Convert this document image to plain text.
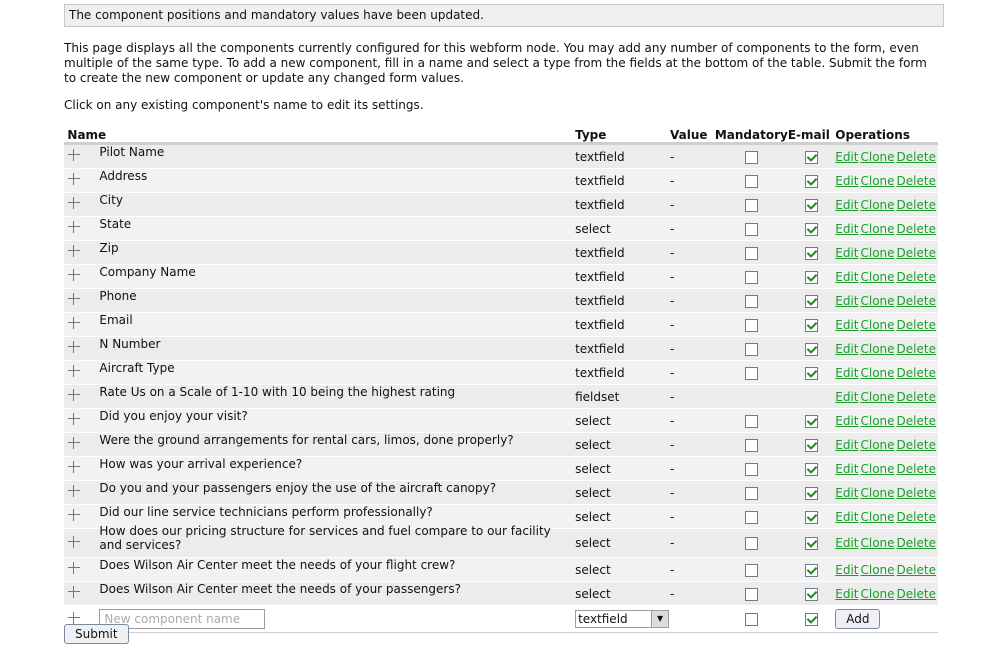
The component positions and mandatory values have been updated.
This page displays all the components currently configured for this webform node. You may add any number of components to the form, even multiple of the same type. To add a new component, fill in a name and select a type from the fields at the bottom of the table. Submit the form to create the new component or update any changed form values.
Click on any existing component's name to edit its settings.
	Name	Type	Value	Mandatory	E-mail	Operations
	Pilot Name	textfield	-			Edit Clone Delete
	Address	textfield	-			Edit Clone Delete
	City	textfield	-			Edit Clone Delete
	State	select	-			Edit Clone Delete
	Zip	textfield	-			Edit Clone Delete
	Company Name	textfield	-			Edit Clone Delete
	Phone	textfield	-			Edit Clone Delete
	Email	textfield	-			Edit Clone Delete
	N Number	textfield	-			Edit Clone Delete
	Aircraft Type	textfield	-			Edit Clone Delete
	Rate Us on a Scale of 1-10 with 10 being the highest rating	fieldset	-			Edit Clone Delete
	Did you enjoy your visit?	select	-			Edit Clone Delete
	Were the ground arrangements for rental cars, limos, done properly?	select	-			Edit Clone Delete
	How was your arrival experience?	select	-			Edit Clone Delete
	Do you and your passengers enjoy the use of the aircraft canopy?	select	-			Edit Clone Delete
	Did our line service technicians perform professionally?	select	-			Edit Clone Delete
	How does our pricing structure for services and fuel compare to our facility and services?	select	-			Edit Clone Delete
	Does Wilson Air Center meet the needs of your flight crew?	select	-			Edit Clone Delete
	Does Wilson Air Center meet the needs of your passengers?	select	-			Edit Clone Delete
	New component name	textfield ▼				Add
Submit
